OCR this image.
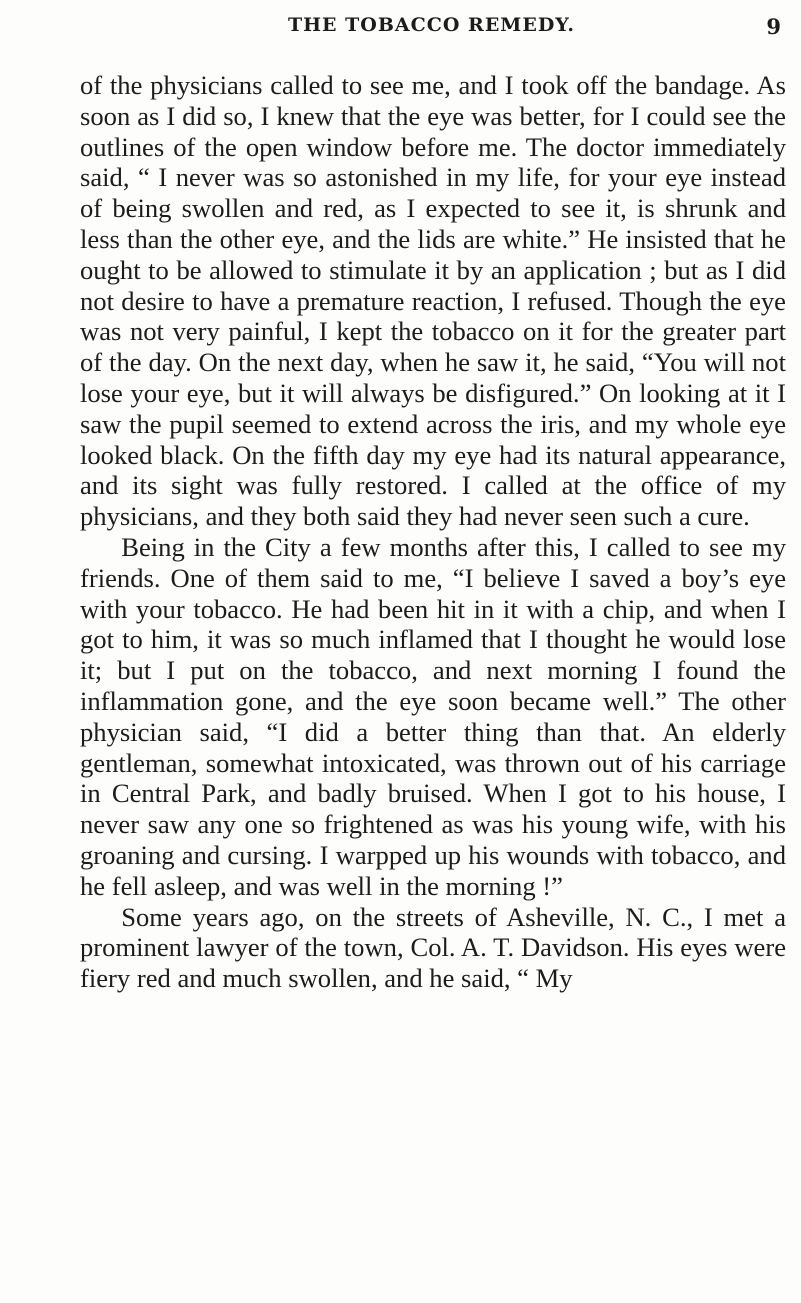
THE TOBACCO REMEDY.	9

of the physicians called to see me, and I took off the bandage. As soon as I did so, I knew that the eye was better, for I could see the outlines of the open window before me. The doctor immediately said, “ I never was so astonished in my life, for your eye instead of being swollen and red, as I expected to see it, is shrunk and less than the other eye, and the lids are white.” He insisted that he ought to be allowed to stimulate it by an application ; but as I did not desire to have a premature reaction, I refused. Though the eye was not very painful, I kept the tobacco on it for the greater part of the day. On the next day, when he saw it, he said, “You will not lose your eye, but it will always be disfigured.” On looking at it I saw the pupil seemed to extend across the iris, and my whole eye looked black. On the fifth day my eye had its natural appearance, and its sight was fully restored. I called at the office of my physicians, and they both said they had never seen such a cure.

Being in the City a few months after this, I called to see my friends. One of them said to me, “I believe I saved a boy’s eye with your tobacco. He had been hit in it with a chip, and when I got to him, it was so much inflamed that I thought he would lose it; but I put on the tobacco, and next morning I found the inflammation gone, and the eye soon became well.” The other physician said, “I did a better thing than that. An elderly gentleman, somewhat intoxicated, was thrown out of his carriage in Central Park, and badly bruised. When I got to his house, I never saw any one so frightened as was his young wife, with his groaning and cursing. I warpped up his wounds with tobacco, and he fell asleep, and was well in the morning !”

Some years ago, on the streets of Asheville, N. C., I met a prominent lawyer of the town, Col. A. T. Davidson. His eyes were fiery red and much swollen, and he said, “ My
